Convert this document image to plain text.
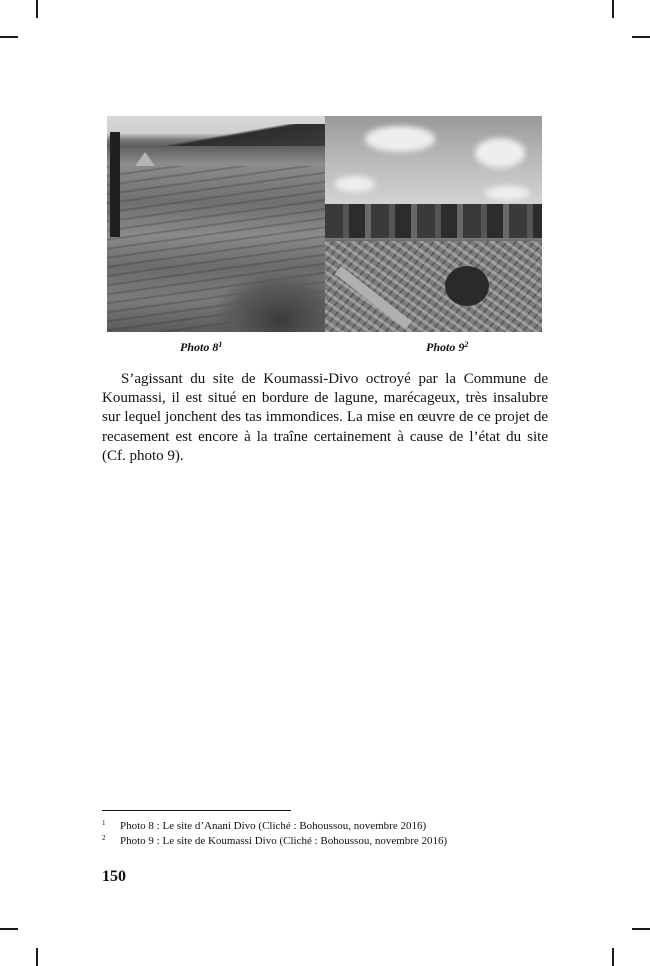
Photo $8^1$	Photo $9^2$

S’agissant du site de Koumassi-Divo octroyé par la Commune de Koumassi, il est situé en bordure de lagune, marécageux, très insalubre sur lequel jonchent des tas immondices. La mise en œuvre de ce projet de recasement est encore à la traîne certainement à cause de l’état du site (Cf. photo 9).

1 Photo 8 : Le site d’Anani Divo (Cliché : Bohoussou, novembre 2016)
2 Photo 9 : Le site de Koumassi Divo (Cliché : Bohoussou, novembre 2016)
150
